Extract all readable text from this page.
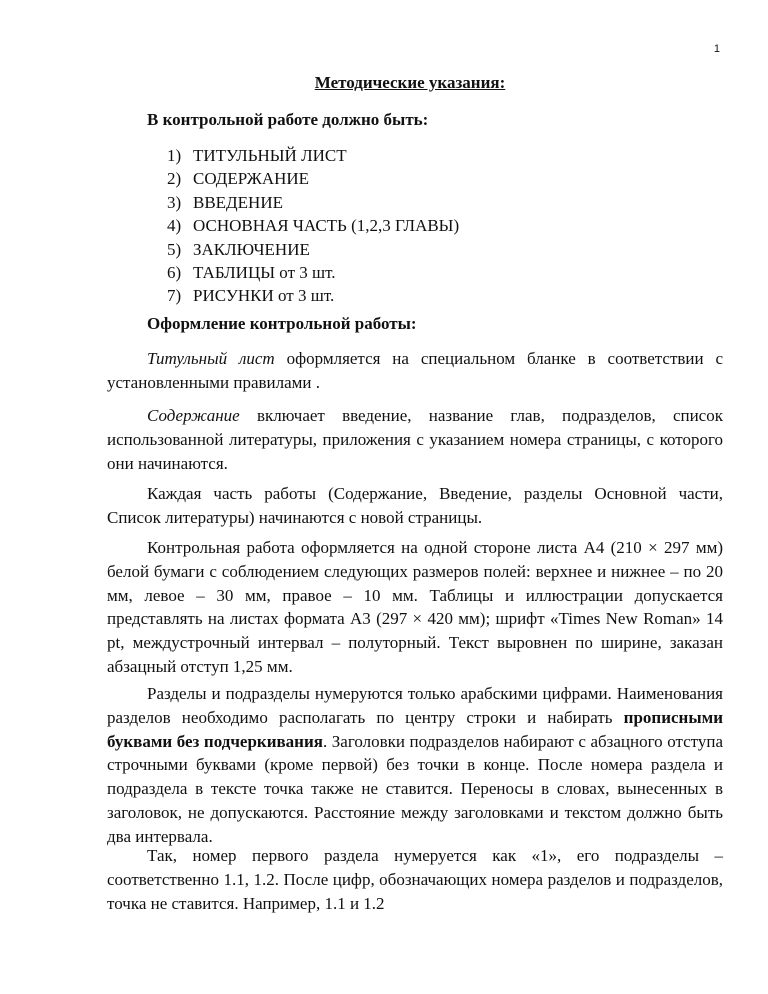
1
Методические указания:
В контрольной работе должно быть:
1) ТИТУЛЬНЫЙ ЛИСТ
2) СОДЕРЖАНИЕ
3) ВВЕДЕНИЕ
4) ОСНОВНАЯ ЧАСТЬ (1,2,3 ГЛАВЫ)
5) ЗАКЛЮЧЕНИЕ
6) ТАБЛИЦЫ от 3 шт.
7) РИСУНКИ от 3 шт.
Оформление контрольной работы:

Титульный лист оформляется на специальном бланке в соответствии с установленными правилами .

Содержание включает введение, название глав, подразделов, список использованной литературы, приложения с указанием номера страницы, с которого они начинаются.

Каждая часть работы (Содержание, Введение, разделы Основной части, Список литературы) начинаются с новой страницы.

Контрольная работа оформляется на одной стороне листа А4 (210 × 297 мм) белой бумаги с соблюдением следующих размеров полей: верхнее и нижнее – по 20 мм, левое – 30 мм, правое – 10 мм. Таблицы и иллюстрации допускается представлять на листах формата А3 (297 × 420 мм); шрифт «Times New Roman» 14 pt, междустрочный интервал – полуторный. Текст выровнен по ширине, заказан абзацный отступ 1,25 мм.

Разделы и подразделы нумеруются только арабскими цифрами. Наименования разделов необходимо располагать по центру строки и набирать прописными буквами без подчеркивания. Заголовки подразделов набирают с абзацного отступа строчными буквами (кроме первой) без точки в конце. После номера раздела и подраздела в тексте точка также не ставится. Переносы в словах, вынесенных в заголовок, не допускаются. Расстояние между заголовками и текстом должно быть два интервала.

Так, номер первого раздела нумеруется как «1», его подразделы – соответственно 1.1, 1.2. После цифр, обозначающих номера разделов и подразделов, точка не ставится. Например, 1.1 и 1.2
